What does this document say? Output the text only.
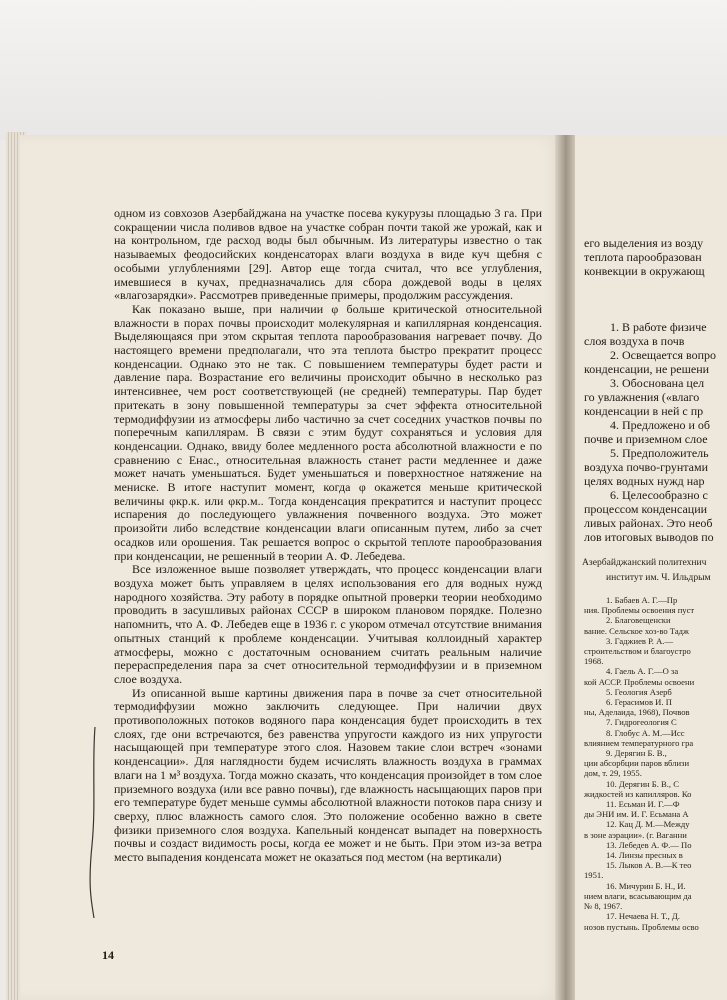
одном из совхозов Азербайджана на участке посева кукурузы площадью 3 га. При сокращении числа поливов вдвое на участке собран почти такой же урожай, как и на контрольном, где расход воды был обычным. Из литературы известно о так называемых феодосийских конденсаторах влаги воздуха в виде куч щебня с особыми углублениями [29]. Автор еще тогда считал, что все углубления, имевшиеся в кучах, предназначались для сбора дождевой воды в целях «влагозарядки». Рассмотрев приведенные примеры, продолжим рассуждения.

Как показано выше, при наличии φ больше критической относительной влажности в порах почвы происходит молекулярная и капиллярная конденсация. Выделяющаяся при этом скрытая теплота парообразования нагревает почву. До настоящего времени предполагали, что эта теплота быстро прекратит процесс конденсации. Однако это не так. С повышением температуры будет расти и давление пара. Возрастание его величины происходит обычно в несколько раз интенсивнее, чем рост соответствующей (не средней) температуры. Пар будет притекать в зону повышенной температуры за счет эффекта относительной термодиффузии из атмосферы либо частично за счет соседних участков почвы по поперечным капиллярам. В связи с этим будут сохраняться и условия для конденсации. Однако, ввиду более медленного роста абсолютной влажности e по сравнению с Eнас., относительная влажность станет расти медленнее и даже может начать уменьшаться. Будет уменьшаться и поверхностное натяжение на мениске. В итоге наступит момент, когда φ окажется меньше критической величины φкр.к. или φкр.м.. Тогда конденсация прекратится и наступит процесс испарения до последующего увлажнения почвенного воздуха. Это может произойти либо вследствие конденсации влаги описанным путем, либо за счет осадков или орошения. Так решается вопрос о скрытой теплоте парообразования при конденсации, не решенный в теории А. Ф. Лебедева.

Все изложенное выше позволяет утверждать, что процесс конденсации влаги воздуха может быть управляем в целях использования его для водных нужд народного хозяйства. Эту работу в порядке опытной проверки теории необходимо проводить в засушливых районах СССР в широком плановом порядке. Полезно напомнить, что А. Ф. Лебедев еще в 1936 г. с укором отмечал отсутствие внимания опытных станций к проблеме конденсации. Учитывая коллоидный характер атмосферы, можно с достаточным основанием считать реальным наличие перераспределения пара за счет относительной термодиффузии и в приземном слое воздуха.

Из описанной выше картины движения пара в почве за счет относительной термодиффузии можно заключить следующее. При наличии двух противоположных потоков водяного пара конденсация будет происходить в тех слоях, где они встречаются, без равенства упругости каждого из них упругости насыщающей при температуре этого слоя. Назовем такие слои встреч «зонами конденсации». Для наглядности будем исчислять влажность воздуха в граммах влаги на 1 м³ воздуха. Тогда можно сказать, что конденсация произойдет в том слое приземного воздуха (или все равно почвы), где влажность насыщающих паров при его температуре будет меньше суммы абсолютной влажности потоков пара снизу и сверху, плюс влажность самого слоя. Это положение особенно важно в свете физики приземного слоя воздуха. Капельный конденсат выпадет на поверхность почвы и создаст видимость росы, когда ее может и не быть. При этом из-за ветра место выпадения конденсата может не оказаться под местом (на вертикали)

14
его выделения из возду
теплота парообразован
конвекции в окружающ
1. В работе физиче
слоя воздуха в почв
2. Освещается вопро
конденсации, не решени
3. Обоснована цел
го увлажнения («влаго
конденсации в ней с пр
4. Предложено и об
почве и приземном слое
5. Предположитель
воздуха почво-грунтами
целях водных нужд нар
6. Целесообразно с
процессом конденсации
ливых районах. Это необ
лов итоговых выводов по
Азербайджанский политехнич
институт им. Ч. Ильдрым
1. Бабаев А. Г.—Пр
ния. Проблемы освоения пуст
2. Благовещенски
вание. Сельское хоз-во Тадж
3. Гаджиев Р. А.—
строительством и благоустро
1968.
4. Гаель А. Г.—О за
кой АССР. Проблемы освоени
5. Геология Азерб
6. Герасимов И. П
ны, Аделаида, 1968), Почвов
7. Гидрогеология С
8. Глобус А. М.—Исс
влиянием температурного гра
9. Дерягин Б. В.,
ции абсорбции паров вблизи
дом, т. 29, 1955.
10. Дерягин Б. В., С
жидкостей из капилляров. Ко
11. Есьман И. Г.—Ф
ды ЭНИ им. И. Г. Есьмана А
12. Кац Д. М.—Между
в зоне аэрации». (г. Ваганни
13. Лебедев А. Ф.— По
14. Линзы пресных в
15. Лыков А. В.—К тео
1951.
16. Мичурин Б. Н., И.
нием влаги, всасывающим да
№ 8, 1967.
17. Нечаева Н. Т., Д.
нозов пустынь. Проблемы осво
